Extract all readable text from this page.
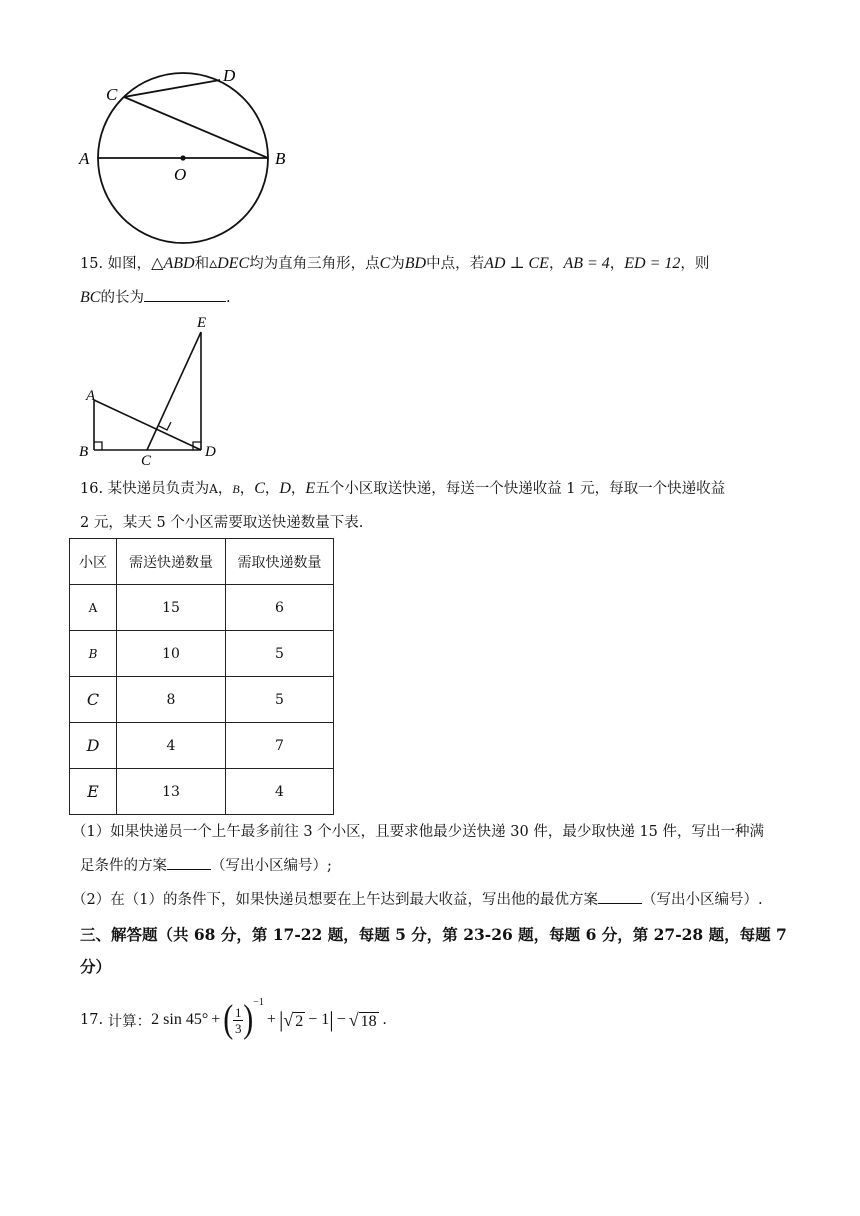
A	B
C
D
O
15. 如图，△ABD和▵DEC均为直角三角形，点C为BD中点，若AD ⊥ CE，AB = 4，ED = 12，则
BC的长为	.
A
B
C
D
E
16. 某快递员负责为A，B，C，D，E五个小区取送快递，每送一个快递收益 1 元，每取一个快递收益
2 元，某天 5 个小区需要取送快递数量下表.
小区	需送快递数量	需取快递数量
A	15	6
B	10	5
C	8	5
D	4	7
E	13	4
（1）如果快递员一个上午最多前往 3 个小区，且要求他最少送快递 30 件，最少取快递 15 件，写出一种满
足条件的方案	（写出小区编号）;
（2）在（1）的条件下，如果快递员想要在上午达到最大收益，写出他的最优方案	（写出小区编号）.
三、解答题（共 68 分，第 17-22 题，每题 5 分，第 23-26 题，每题 6 分，第 27-28 题，每题 7
分）
17.
计算： 2 sin 45° + ( 1
3 ) −1
+ | √ 2 − 1 | − √ 18 .
